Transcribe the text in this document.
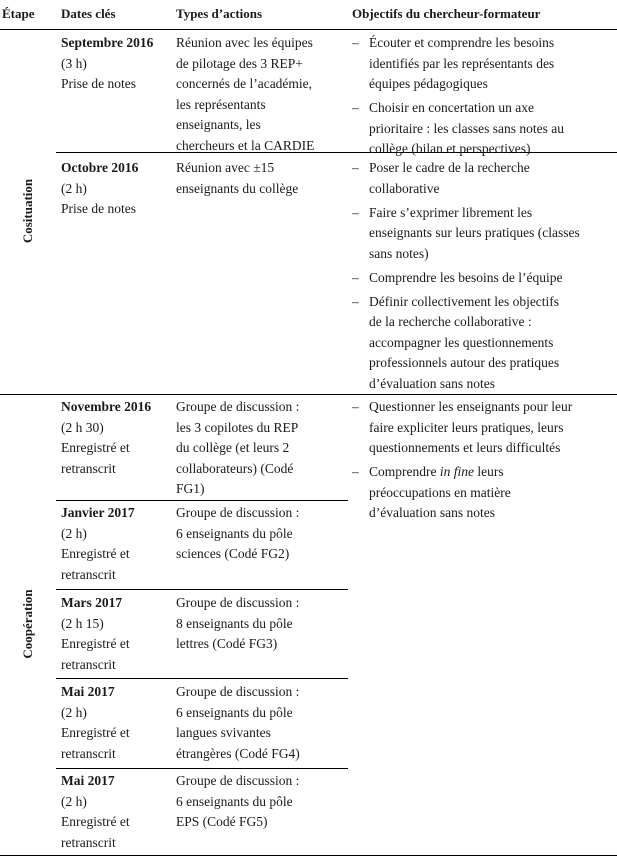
Étape Dates clés	Types d’actions	Objectifs du chercheur-formateur
Cosituation
Coopération
Septembre 2016
(3 h)
Prise de notes
Réunion avec les équipes
de pilotage des 3 REP+
concernés de l’académie,
les représentants
enseignants, les
chercheurs et la CARDIE
– Écouter et comprendre les besoins
identifiés par les représentants des
équipes pédagogiques
– Choisir en concertation un axe
prioritaire : les classes sans notes au
collège (bilan et perspectives)
Octobre 2016
(2 h)
Prise de notes
Réunion avec ±15
enseignants du collège
– Poser le cadre de la recherche
collaborative
– Faire s’exprimer librement les
enseignants sur leurs pratiques (classes
sans notes)
– Comprendre les besoins de l’équipe
– Définir collectivement les objectifs
de la recherche collaborative :
accompagner les questionnements
professionnels autour des pratiques
d’évaluation sans notes
Novembre 2016
(2 h 30)
Enregistré et
retranscrit
Groupe de discussion :
les 3 copilotes du REP
du collège (et leurs 2
collaborateurs) (Codé
FG1)
– Questionner les enseignants pour leur
faire expliciter leurs pratiques, leurs
questionnements et leurs difficultés
– Comprendre in fine leurs
préoccupations en matière
d’évaluation sans notes
Janvier 2017
(2 h)
Enregistré et
retranscrit
Groupe de discussion :
6 enseignants du pôle
sciences (Codé FG2)
Mars 2017
(2 h 15)
Enregistré et
retranscrit
Groupe de discussion :
8 enseignants du pôle
lettres (Codé FG3)
Mai 2017
(2 h)
Enregistré et
retranscrit
Groupe de discussion :
6 enseignants du pôle
langues svivantes
étrangères (Codé FG4)
Mai 2017
(2 h)
Enregistré et
retranscrit
Groupe de discussion :
6 enseignants du pôle
EPS (Codé FG5)
